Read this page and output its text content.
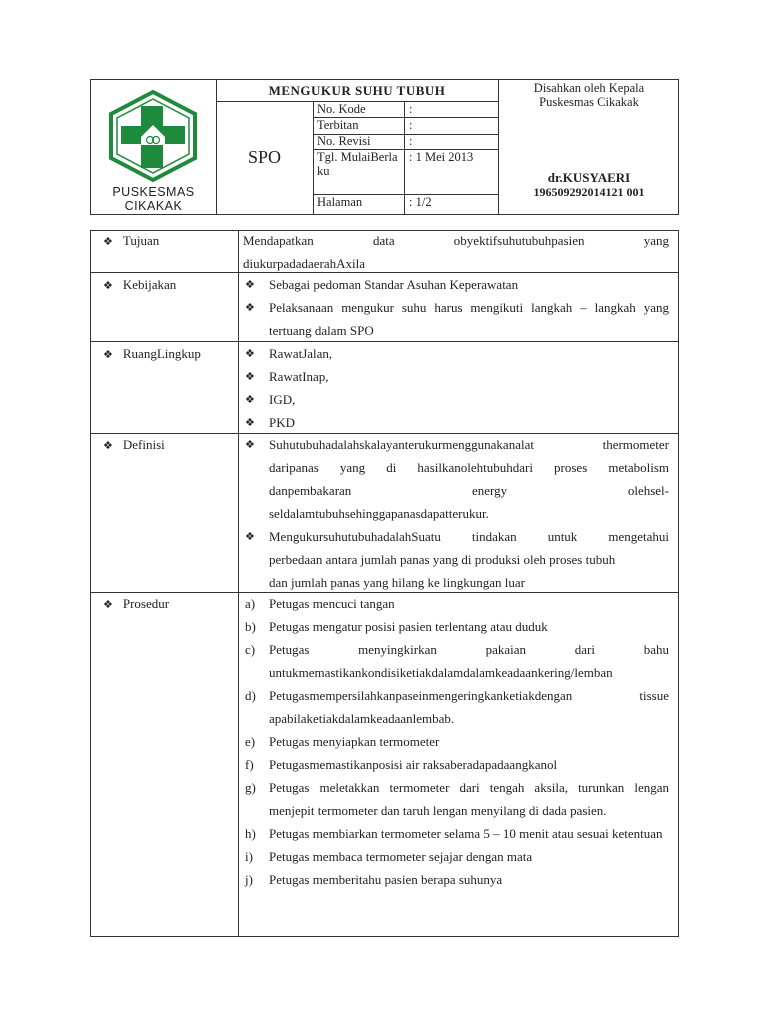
PUSKESMAS
CIKAKAK
MENGUKUR SUHU TUBUH
SPO
No. Kode	:
Terbitan	:
No. Revisi	:
Tgl. MulaiBerlaku
: 1 Mei 2013
Halaman	: 1/2
Disahkan oleh Kepala
Puskesmas Cikakak
dr.KUSYAERI
196509292014121 001
❖ Tujuan	Mendapatkan data obyektifsuhutubuhpasien yang
diukurpadadaerahAxila
❖ Kebijakan	❖ Sebagai pedoman Standar Asuhan Keperawatan
❖ Pelaksanaan mengukur suhu harus mengikuti langkah – langkah yang tertuang dalam SPO
❖ RuangLingkup	❖ RawatJalan,
❖ RawatInap,
❖ IGD,
❖ PKD
❖ Definisi	❖ Suhutubuhadalahskalayanterukurmenggunakanalat thermometer
daripanas yang di hasilkanolehtubuhdari proses metabolism
danpembakaran energy olehsel-
seldalamtubuhsehinggapanasdapatterukur.
❖ MengukursuhutubuhadalahSuatu tindakan untuk mengetahui
perbedaan antara jumlah panas yang di produksi oleh proses tubuh
dan jumlah panas yang hilang ke lingkungan luar
❖ Prosedur	a) Petugas mencuci tangan
b) Petugas mengatur posisi pasien terlentang atau duduk
c) Petugas menyingkirkan pakaian dari bahu
untukmemastikankondisiketiakdalamdalamkeadaankering/lemban
d) Petugasmempersilahkanpaseinmengeringkanketiakdengan tissue
apabilaketiakdalamkeadaanlembab.
e) Petugas menyiapkan termometer
f) Petugasmemastikanposisi air raksaberadapadaangkanol
g) Petugas meletakkan termometer dari tengah aksila, turunkan lengan menjepit termometer dan taruh lengan menyilang di dada pasien.
h) Petugas membiarkan termometer selama 5 – 10 menit atau sesuai ketentuan
i) Petugas membaca termometer sejajar dengan mata
j) Petugas memberitahu pasien berapa suhunya
